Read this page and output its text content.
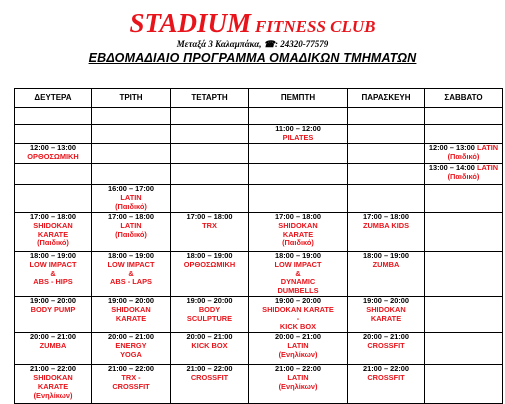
STADIUM FITNESS CLUB
Μεταξά 3 Καλαμπάκα, ☎: 24320-77579
ΕΒΔΟΜΑΔΙΑΙΟ ΠΡΟΓΡΑΜΜΑ ΟΜΑΔΙΚΩΝ ΤΜΗΜΑΤΩΝ
ΔΕΥΤΕΡΑ	ΤΡΙΤΗ	ΤΕΤΑΡΤΗ	ΠΕΜΠΤΗ	ΠΑΡΑΣΚΕΥΗ	ΣΑΒΒΑΤΟ

			11:00 – 12:00
PILATES		

12:00 – 13:00
ΟΡΘΟΣΩΜΙΚΗ					12:00 – 13:00 LATIN
(Παιδικό)

					13:00 – 14:00 LATIN
(Παιδικό)

	16:00 – 17:00
LATIN
(Παιδικό)				

17:00 – 18:00
SHIDOKAN
KARATE
(Παιδικό)	17:00 – 18:00
LATIN
(Παιδικό)	17:00 – 18:00
TRX	17:00 – 18:00
SHIDOKAN
KARATE
(Παιδικό)	17:00 – 18:00
ZUMBA KIDS	

18:00 – 19:00
LOW IMPACT
&
ABS - HIPS	18:00 – 19:00
LOW IMPACT
&
ABS - LAPS	18:00 – 19:00
ΟΡΘΟΣΩΜΙΚΗ	18:00 – 19:00
LOW IMPACT
&
DYNAMIC
DUMBELLS	18:00 – 19:00
ZUMBA	

19:00 – 20:00
BODY PUMP	19:00 – 20:00
SHIDOKAN
KARATE	19:00 – 20:00
BODY
SCULPTURE	19:00 – 20:00
SHIDOKAN KARATE
-
KICK BOX	19:00 – 20:00
SHIDOKAN
KARATE	

20:00 – 21:00
ZUMBA	20:00 – 21:00
ENERGY
YOGA	20:00 – 21:00
KICK BOX	20:00 – 21:00
LATIN
(Ενηλίκων)	20:00 – 21:00
CROSSFIT	

21:00 – 22:00
SHIDOKAN
KARATE
(Ενηλίκων)	21:00 – 22:00
TRX -
CROSSFIT	21:00 – 22:00
CROSSFIT	21:00 – 22:00
LATIN
(Ενηλίκων)	21:00 – 22:00
CROSSFIT	
